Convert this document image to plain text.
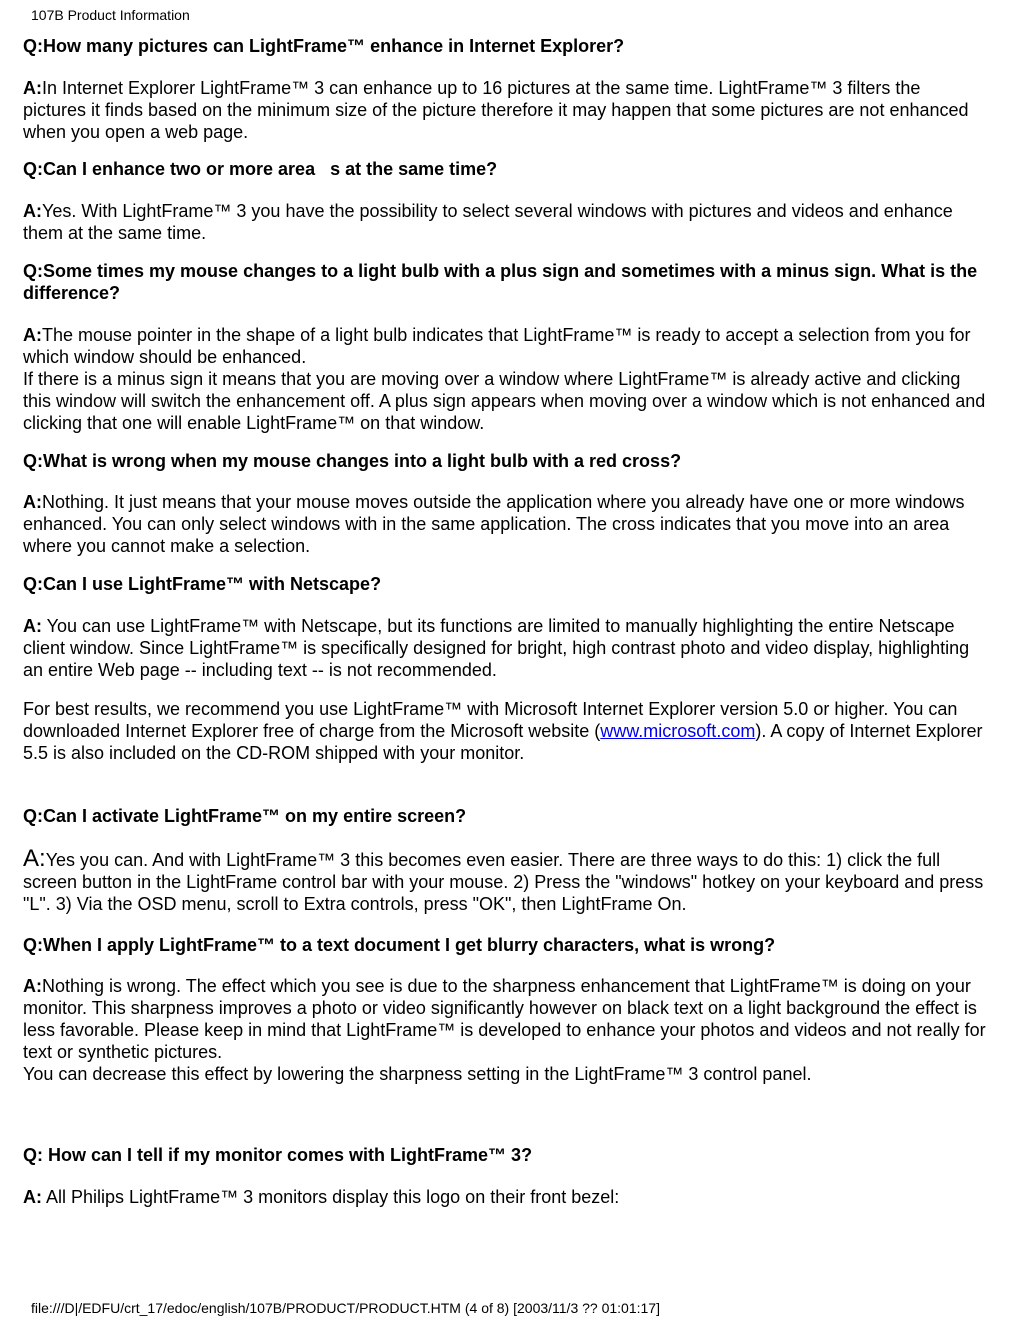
107B Product Information

Q:How many pictures can LightFrame™ enhance in Internet Explorer?

A:In Internet Explorer LightFrame™ 3 can enhance up to 16 pictures at the same time. LightFrame™ 3 filters the pictures it finds based on the minimum size of the picture therefore it may happen that some pictures are not enhanced when you open a web page.

Q:Can I enhance two or more area s at the same time?

A:Yes. With LightFrame™ 3 you have the possibility to select several windows with pictures and videos and enhance them at the same time.

Q:Some times my mouse changes to a light bulb with a plus sign and sometimes with a minus sign. What is the difference?

A:The mouse pointer in the shape of a light bulb indicates that LightFrame™ is ready to accept a selection from you for which window should be enhanced.
If there is a minus sign it means that you are moving over a window where LightFrame™ is already active and clicking this window will switch the enhancement off. A plus sign appears when moving over a window which is not enhanced and clicking that one will enable LightFrame™ on that window.

Q:What is wrong when my mouse changes into a light bulb with a red cross?

A:Nothing. It just means that your mouse moves outside the application where you already have one or more windows enhanced. You can only select windows with in the same application. The cross indicates that you move into an area where you cannot make a selection.

Q:Can I use LightFrame™ with Netscape?

A: You can use LightFrame™ with Netscape, but its functions are limited to manually highlighting the entire Netscape client window. Since LightFrame™ is specifically designed for bright, high contrast photo and video display, highlighting an entire Web page -- including text -- is not recommended.

For best results, we recommend you use LightFrame™ with Microsoft Internet Explorer version 5.0 or higher. You can downloaded Internet Explorer free of charge from the Microsoft website (www.microsoft.com). A copy of Internet Explorer 5.5 is also included on the CD-ROM shipped with your monitor.

Q:Can I activate LightFrame™ on my entire screen?

A:Yes you can. And with LightFrame™ 3 this becomes even easier. There are three ways to do this: 1) click the full screen button in the LightFrame control bar with your mouse. 2) Press the "windows" hotkey on your keyboard and press "L". 3) Via the OSD menu, scroll to Extra controls, press "OK", then LightFrame On.

Q:When I apply LightFrame™ to a text document I get blurry characters, what is wrong?

A:Nothing is wrong. The effect which you see is due to the sharpness enhancement that LightFrame™ is doing on your monitor. This sharpness improves a photo or video significantly however on black text on a light background the effect is less favorable. Please keep in mind that LightFrame™ is developed to enhance your photos and videos and not really for text or synthetic pictures.
You can decrease this effect by lowering the sharpness setting in the LightFrame™ 3 control panel.

Q: How can I tell if my monitor comes with LightFrame™ 3?

A: All Philips LightFrame™ 3 monitors display this logo on their front bezel:

file:///D|/EDFU/crt_17/edoc/english/107B/PRODUCT/PRODUCT.HTM (4 of 8) [2003/11/3 ?? 01:01:17]
